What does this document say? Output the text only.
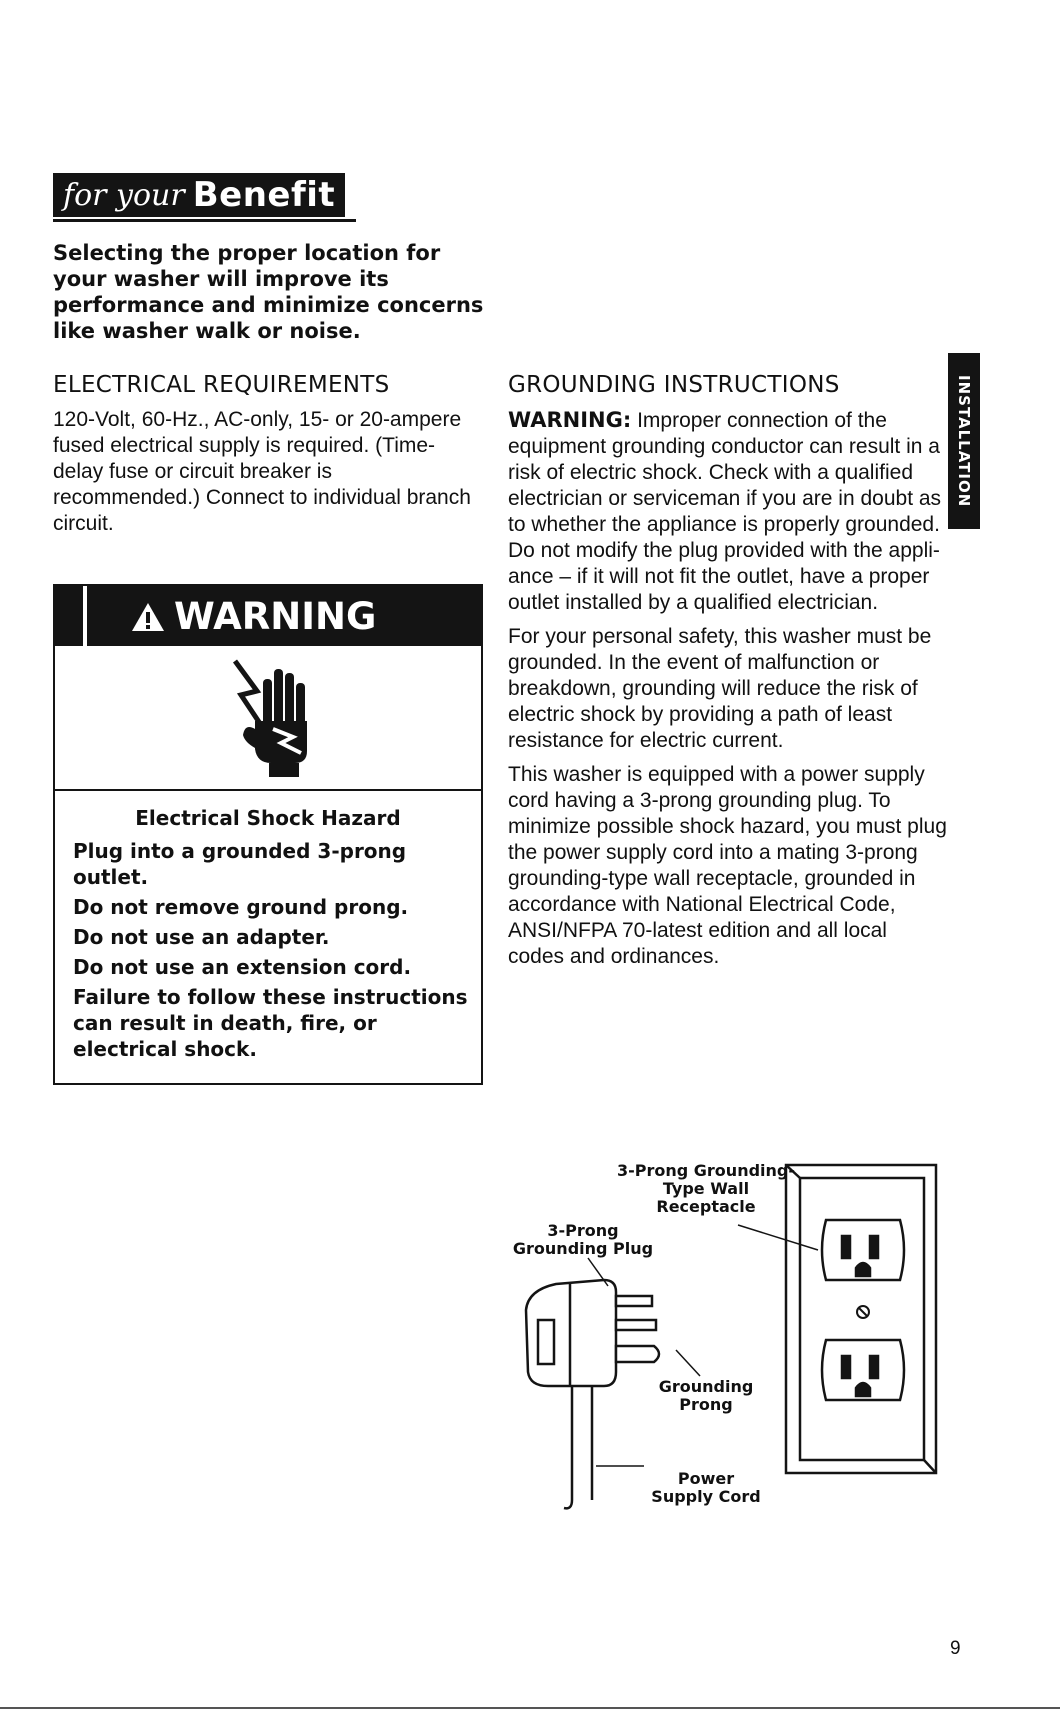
for your Benefit
Selecting the proper location for your washer will improve its performance and minimize concerns like washer walk or noise.
ELECTRICAL REQUIREMENTS
120-Volt, 60-Hz., AC-only, 15- or 20-ampere fused electrical supply is required. (Time-delay fuse or circuit breaker is recommended.) Connect to individual branch circuit.
WARNING
Electrical Shock Hazard
Plug into a grounded 3-prong outlet.
Do not remove ground prong.
Do not use an adapter.
Do not use an extension cord.
Failure to follow these instructions can result in death, fire, or electrical shock.
GROUNDING INSTRUCTIONS

WARNING: Improper connection of the equipment grounding conductor can result in a risk of electric shock. Check with a qualified electrician or serviceman if you are in doubt as to whether the appliance is properly grounded. Do not modify the plug provided with the appli-ance – if it will not fit the outlet, have a proper outlet installed by a qualified electrician.

For your personal safety, this washer must be grounded. In the event of malfunction or breakdown, grounding will reduce the risk of electric shock by providing a path of least resistance for electric current.

This washer is equipped with a power supply cord having a 3-prong grounding plug. To minimize possible shock hazard, you must plug the power supply cord into a mating 3-prong grounding-type wall receptacle, grounded in accordance with National Electrical Code, ANSI/NFPA 70-latest edition and all local codes and ordinances.

INSTALLATION
3-Prong Grounding-Type Wall Receptacle
3-Prong Grounding Plug
Grounding Prong
Power Supply Cord
9
